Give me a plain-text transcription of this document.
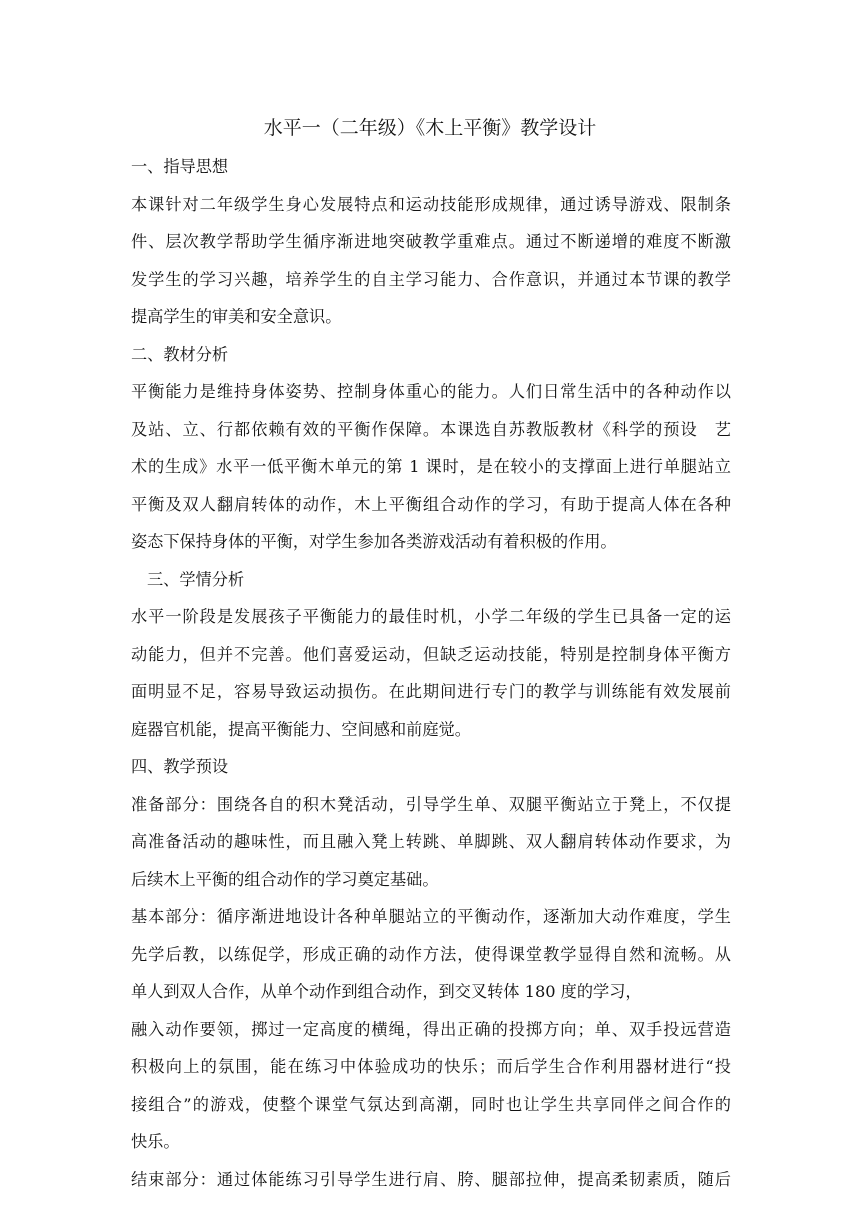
水平一（二年级）《木上平衡》教学设计
一、指导思想
本课针对二年级学生身心发展特点和运动技能形成规律，通过诱导游戏、限制条
件、层次教学帮助学生循序渐进地突破教学重难点。通过不断递增的难度不断激
发学生的学习兴趣，培养学生的自主学习能力、合作意识，并通过本节课的教学
提高学生的审美和安全意识。
二、教材分析
平衡能力是维持身体姿势、控制身体重心的能力。人们日常生活中的各种动作以
及站、立、行都依赖有效的平衡作保障。本课选自苏教版教材《科学的预设　艺
术的生成》水平一低平衡木单元的第 1 课时，是在较小的支撑面上进行单腿站立
平衡及双人翻肩转体的动作，木上平衡组合动作的学习，有助于提高人体在各种
姿态下保持身体的平衡，对学生参加各类游戏活动有着积极的作用。
三、学情分析
水平一阶段是发展孩子平衡能力的最佳时机，小学二年级的学生已具备一定的运
动能力，但并不完善。他们喜爱运动，但缺乏运动技能，特别是控制身体平衡方
面明显不足，容易导致运动损伤。在此期间进行专门的教学与训练能有效发展前
庭器官机能，提高平衡能力、空间感和前庭觉。
四、教学预设
准备部分：围绕各自的积木凳活动，引导学生单、双腿平衡站立于凳上，不仅提
高准备活动的趣味性，而且融入凳上转跳、单脚跳、双人翻肩转体动作要求，为
后续木上平衡的组合动作的学习奠定基础。
基本部分：循序渐进地设计各种单腿站立的平衡动作，逐渐加大动作难度，学生
先学后教，以练促学，形成正确的动作方法，使得课堂教学显得自然和流畅。从
单人到双人合作，从单个动作到组合动作，到交叉转体 180 度的学习，
融入动作要领，掷过一定高度的横绳，得出正确的投掷方向；单、双手投远营造
积极向上的氛围，能在练习中体验成功的快乐；而后学生合作利用器材进行“投
接组合”的游戏，使整个课堂气氛达到高潮，同时也让学生共享同伴之间合作的
快乐。
结束部分：通过体能练习引导学生进行肩、胯、腿部拉伸，提高柔韧素质，随后
